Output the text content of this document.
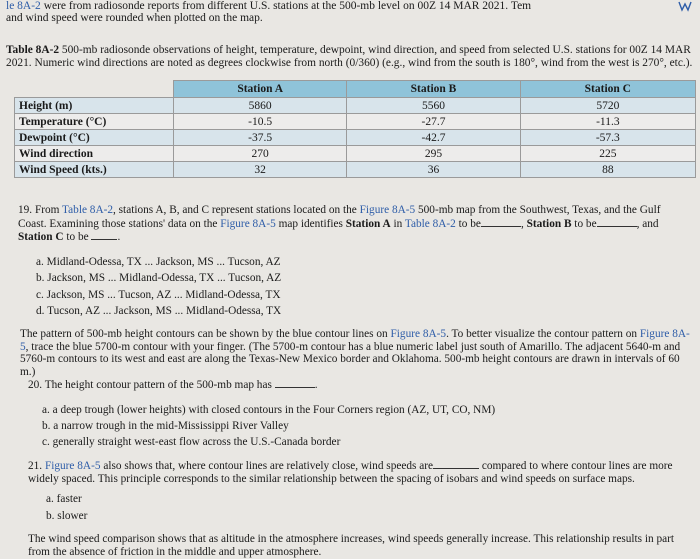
le 8A-2 were from radiosonde reports from different U.S. stations at the 500-mb level on 00Z 14 MAR 2021. Tem
and wind speed were rounded when plotted on the map.
Table 8A-2 500-mb radiosonde observations of height, temperature, dewpoint, wind direction, and speed from selected U.S. stations for 00Z 14 MAR 2021. Numeric wind directions are noted as degrees clockwise from north (0/360) (e.g., wind from the south is 180°, wind from the west is 270°, etc.).
	Station A	Station B	Station C
Height (m)	5860	5560	5720
Temperature (°C)	-10.5	-27.7	-11.3
Dewpoint (°C)	-37.5	-42.7	-57.3
Wind direction	270	295	225
Wind Speed (kts.)	32	36	88
19. From Table 8A-2, stations A, B, and C represent stations located on the Figure 8A-5 500-mb map from the Southwest, Texas, and the Gulf Coast. Examining those stations' data on the Figure 8A-5 map identifies Station A in Table 8A-2 to be	, Station B to be	, and Station C to be	.
a. Midland-Odessa, TX ... Jackson, MS ... Tucson, AZ
b. Jackson, MS ... Midland-Odessa, TX ... Tucson, AZ
c. Jackson, MS ... Tucson, AZ ... Midland-Odessa, TX
d. Tucson, AZ ... Jackson, MS ... Midland-Odessa, TX
The pattern of 500-mb height contours can be shown by the blue contour lines on Figure 8A-5. To better visualize the contour pattern on Figure 8A-5, trace the blue 5700-m contour with your finger. (The 5700-m contour has a blue numeric label just south of Amarillo. The adjacent 5640-m and 5760-m contours to its west and east are along the Texas-New Mexico border and Oklahoma. 500-mb height contours are drawn in intervals of 60 m.)
20. The height contour pattern of the 500-mb map has	.
a. a deep trough (lower heights) with closed contours in the Four Corners region (AZ, UT, CO, NM)
b. a narrow trough in the mid-Mississippi River Valley
c. generally straight west-east flow across the U.S.-Canada border
21. Figure 8A-5 also shows that, where contour lines are relatively close, wind speeds are	compared to where contour lines are more widely spaced. This principle corresponds to the similar relationship between the spacing of isobars and wind speeds on surface maps.
a. faster
b. slower
The wind speed comparison shows that as altitude in the atmosphere increases, wind speeds generally increase. This relationship results in part from the absence of friction in the middle and upper atmosphere.
